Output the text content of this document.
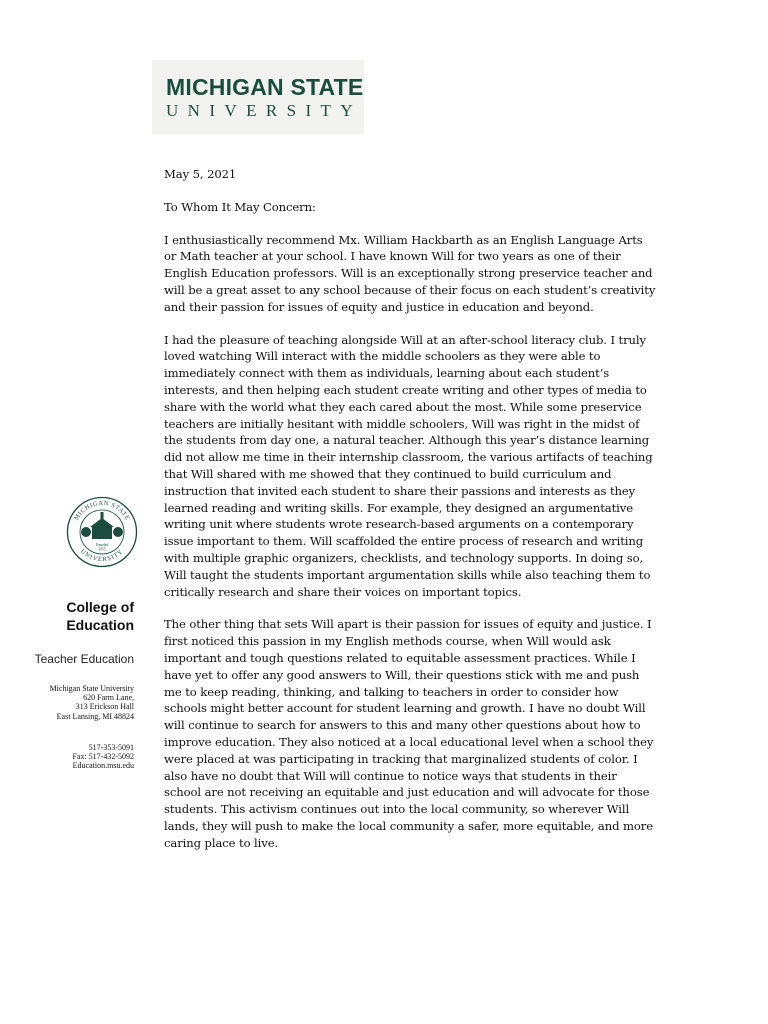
MICHIGAN STATE
UNIVERSITY
MICHIGAN STATE
UNIVERSITY
Founded
1855
College of
Education
Teacher Education
Michigan State University
620 Farm Lane,
313 Erickson Hall
East Lansing, MI 48824
517-353-5091
Fax: 517-432-5092
Education.msu.edu

May 5, 2021

To Whom It May Concern:

I enthusiastically recommend Mx. William Hackbarth as an English Language Arts or Math teacher at your school. I have known Will for two years as one of their English Education professors. Will is an exceptionally strong preservice teacher and will be a great asset to any school because of their focus on each student’s creativity and their passion for issues of equity and justice in education and beyond.

I had the pleasure of teaching alongside Will at an after-school literacy club. I truly loved watching Will interact with the middle schoolers as they were able to immediately connect with them as individuals, learning about each student’s interests, and then helping each student create writing and other types of media to share with the world what they each cared about the most. While some preservice teachers are initially hesitant with middle schoolers, Will was right in the midst of the students from day one, a natural teacher. Although this year’s distance learning did not allow me time in their internship classroom, the various artifacts of teaching that Will shared with me showed that they continued to build curriculum and instruction that invited each student to share their passions and interests as they learned reading and writing skills. For example, they designed an argumentative writing unit where students wrote research-based arguments on a contemporary issue important to them. Will scaffolded the entire process of research and writing with multiple graphic organizers, checklists, and technology supports. In doing so, Will taught the students important argumentation skills while also teaching them to critically research and share their voices on important topics.

The other thing that sets Will apart is their passion for issues of equity and justice. I first noticed this passion in my English methods course, when Will would ask important and tough questions related to equitable assessment practices. While I have yet to offer any good answers to Will, their questions stick with me and push me to keep reading, thinking, and talking to teachers in order to consider how schools might better account for student learning and growth. I have no doubt Will will continue to search for answers to this and many other questions about how to improve education. They also noticed at a local educational level when a school they were placed at was participating in tracking that marginalized students of color. I also have no doubt that Will will continue to notice ways that students in their school are not receiving an equitable and just education and will advocate for those students. This activism continues out into the local community, so wherever Will lands, they will push to make the local community a safer, more equitable, and more caring place to live.
